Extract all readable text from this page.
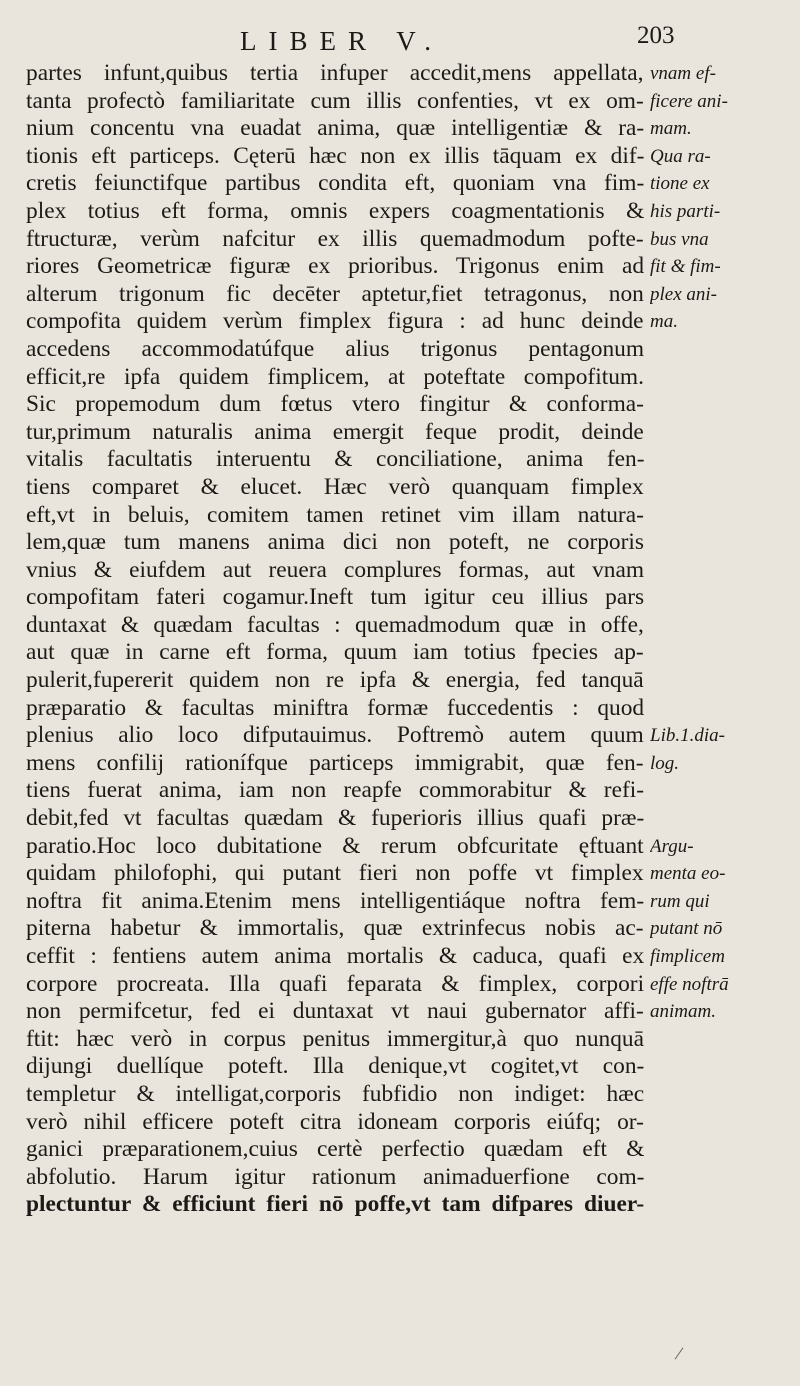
LIBER V.	203
partes infunt,quibus tertia infuper accedit,mens appellata,
tanta profectò familiaritate cum illis confenties, vt ex om-
nium concentu vna euadat anima, quæ intelligentiæ & ra-
tionis eft particeps. Cęterū hæc non ex illis tāquam ex dif-
cretis feiunctifque partibus condita eft, quoniam vna fim-
plex totius eft forma, omnis expers coagmentationis &
ftructuræ, verùm nafcitur ex illis quemadmodum pofte-
riores Geometricæ figuræ ex prioribus. Trigonus enim ad
alterum trigonum fic decēter aptetur,fiet tetragonus, non
compofita quidem verùm fimplex figura : ad hunc deinde
accedens accommodatúfque alius trigonus pentagonum
efficit,re ipfa quidem fimplicem, at poteftate compofitum.
Sic propemodum dum fœtus vtero fingitur & conforma-
tur,primum naturalis anima emergit feque prodit, deinde
vitalis facultatis interuentu & conciliatione, anima fen-
tiens comparet & elucet. Hæc verò quanquam fimplex
eft,vt in beluis, comitem tamen retinet vim illam natura-
lem,quæ tum manens anima dici non poteft, ne corporis
vnius & eiufdem aut reuera complures formas, aut vnam
compofitam fateri cogamur.Ineft tum igitur ceu illius pars
duntaxat & quædam facultas : quemadmodum quæ in offe,
aut quæ in carne eft forma, quum iam totius fpecies ap-
pulerit,fupererit quidem non re ipfa & energia, fed tanquā
præparatio & facultas miniftra formæ fuccedentis : quod
plenius alio loco difputauimus. Poftremò autem quum
mens confilij rationífque particeps immigrabit, quæ fen-
tiens fuerat anima, iam non reapfe commorabitur & refi-
debit,fed vt facultas quædam & fuperioris illius quafi præ-
paratio.Hoc loco dubitatione & rerum obfcuritate ęftuant
quidam philofophi, qui putant fieri non poffe vt fimplex
noftra fit anima.Etenim mens intelligentiáque noftra fem-
piterna habetur & immortalis, quæ extrinfecus nobis ac-
ceffit : fentiens autem anima mortalis & caduca, quafi ex
corpore procreata. Illa quafi feparata & fimplex, corpori
non permifcetur, fed ei duntaxat vt naui gubernator affi-
ftit: hæc verò in corpus penitus immergitur,à quo nunquā
dijungi duellíque poteft. Illa denique,vt cogitet,vt con-
templetur & intelligat,corporis fubfidio non indiget: hæc
verò nihil efficere poteft citra idoneam corporis eiúfq; or-
ganici præparationem,cuius certè perfectio quædam eft &
abfolutio. Harum igitur rationum animaduerfione com-
plectuntur & efficiunt fieri nō poffe,vt tam difpares diuer-
vnam ef-
ficere ani-
mam.
Qua ra-
tione ex
his parti-
bus vna
fit & fim-
plex ani-
ma.
Lib.1.dia-
log.
Argu-
menta eo-
rum qui
putant nō
fimplicem
effe noftrā
animam.
